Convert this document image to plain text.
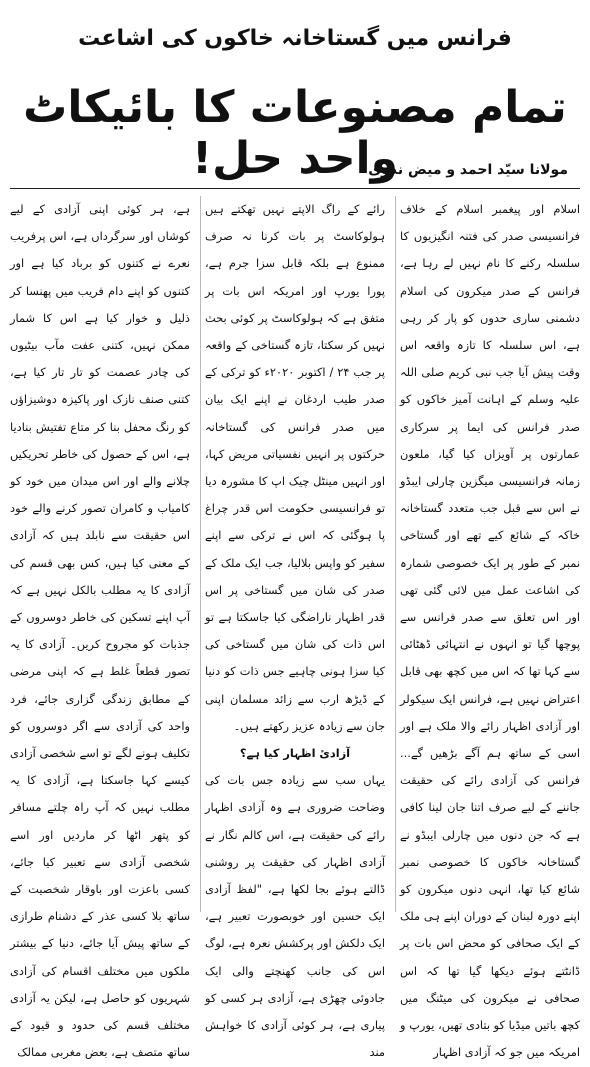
فرانس میں گستاخانہ خاکوں کی اشاعت
تمام مصنوعات کا بائیکاٹ واحد حل!
مولانا سیّد احمد و میض ندوی

اسلام اور پیغمبر اسلام کے خلاف فرانسیسی صدر کی فتنہ انگیزیوں کا سلسلہ رکنے کا نام نہیں لے رہا ہے، فرانس کے صدر میکرون کی اسلام دشمنی ساری حدوں کو پار کر رہی ہے، اس سلسلہ کا تازہ واقعہ اس وقت پیش آیا جب نبی کریم صلی اللہ علیہ وسلم کے اہانت آمیز خاکوں کو صدر فرانس کی ایما پر سرکاری عمارتوں پر آویزاں کیا گیا، ملعون زمانہ فرانسیسی میگزین چارلی ایبڈو نے اس سے قبل جب متعدد گستاخانہ خاکہ کے شائع کیے تھے اور گستاخی نمبر کے طور پر ایک خصوصی شمارہ کی اشاعت عمل میں لائی گئی تھی اور اس تعلق سے صدر فرانس سے پوچھا گیا تو انہوں نے انتہائی ڈھٹائی سے کہا تھا کہ اس میں کچھ بھی قابل اعتراض نہیں ہے، فرانس ایک سیکولر اور آزادی اظہار رائے والا ملک ہے اور اسی کے ساتھ ہم آگے بڑھیں گے... فرانس کی آزادی رائے کی حقیقت جاننے کے لیے صرف اتنا جان لینا کافی ہے کہ جن دنوں میں چارلی ایبڈو نے گستاخانہ خاکوں کا خصوصی نمبر شائع کیا تھا، انہی دنوں میکرون کو اپنے دورہ لبنان کے دوران اپنے ہی ملک کے ایک صحافی کو محض اس بات پر ڈانٹتے ہوئے دیکھا گیا تھا کہ اس صحافی نے میکرون کی میٹنگ میں کچھ باتیں میڈیا کو بتادی تھیں، یورپ و امریکہ میں جو کہ آزادی اظہار

رائے کے راگ الاپتے نہیں تھکتے ہیں ہولوکاسٹ پر بات کرنا نہ صرف ممنوع ہے بلکہ قابل سزا جرم ہے، پورا یورپ اور امریکہ اس بات پر متفق ہے کہ ہولوکاسٹ پر کوئی بحث نہیں کر سکتا، تازہ گستاخی کے واقعہ پر جب ۲۴ / اکتوبر ۲۰۲۰ء کو ترکی کے صدر طیب اردغان نے اپنے ایک بیان میں صدر فرانس کی گستاخانہ حرکتوں پر انہیں نفسیاتی مریض کہا، اور انہیں مینٹل چیک اپ کا مشورہ دیا تو فرانسیسی حکومت اس قدر چراغ پا ہوگئی کہ اس نے ترکی سے اپنے سفیر کو واپس بلالیا، جب ایک ملک کے صدر کی شان میں گستاخی پر اس قدر اظہار ناراضگی کیا جاسکتا ہے تو اس ذات کی شان میں گستاخی کی کیا سزا ہونی چاہیے جس ذات کو دنیا کے ڈیڑھ ارب سے زائد مسلمان اپنی جان سے زیادہ عزیز رکھتے ہیں۔

آزادیٔ اظہار کیا ہے؟

یہاں سب سے زیادہ جس بات کی وضاحت ضروری ہے وہ آزادی اظہار رائے کی حقیقت ہے، اس کالم نگار نے آزادی اظہار کی حقیقت پر روشنی ڈالتے ہوئے بجا لکھا ہے، "لفظ آزادی ایک حسین اور خوبصورت تعبیر ہے، ایک دلکش اور پرکشش نعرہ ہے، لوگ اس کی جانب کھنچتے والی ایک جادوئی چھڑی ہے، آزادی ہر کسی کو پیاری ہے، ہر کوئی آزادی کا خواہش مند

ہے، ہر کوئی اپنی آزادی کے لیے کوشاں اور سرگرداں ہے، اس پرفریب نعرے نے کتنوں کو برباد کیا ہے اور کتنوں کو اپنے دام فریب میں پھنسا کر ذلیل و خوار کیا ہے اس کا شمار ممکن نہیں، کتنی عفت مآب بیٹیوں کی چادر عصمت کو تار تار کیا ہے، کتنی صنف نازک اور پاکیزہ دوشیزاؤں کو رنگ محفل بنا کر متاع تفتیش بنادیا ہے، اس کے حصول کی خاطر تحریکیں چلانے والے اور اس میدان میں خود کو کامیاب و کامران تصور کرنے والے خود اس حقیقت سے نابلد ہیں کہ آزادی کے معنی کیا ہیں، کس بھی قسم کی آزادی کا یہ مطلب بالکل نہیں ہے کہ آپ اپنے تسکین کی خاطر دوسروں کے جذبات کو مجروح کریں۔ آزادی کا یہ تصور قطعاً غلط ہے کہ اپنی مرضی کے مطابق زندگی گزاری جائے، فرد واحد کی آزادی سے اگر دوسروں کو تکلیف ہونے لگے تو اسے شخصی آزادی کیسے کہا جاسکتا ہے، آزادی کا یہ مطلب نہیں کہ آپ راہ چلتے مسافر کو پتھر اٹھا کر ماردیں اور اسے شخصی آزادی سے تعبیر کیا جائے، کسی باعزت اور باوقار شخصیت کے ساتھ بلا کسی عذر کے دشنام طرازی کے ساتھ پیش آیا جائے، دنیا کے بیشتر ملکوں میں مختلف اقسام کی آزادی شہریوں کو حاصل ہے، لیکن یہ آزادی مختلف قسم کی حدود و قیود کے ساتھ متصف ہے، بعض مغربی ممالک
